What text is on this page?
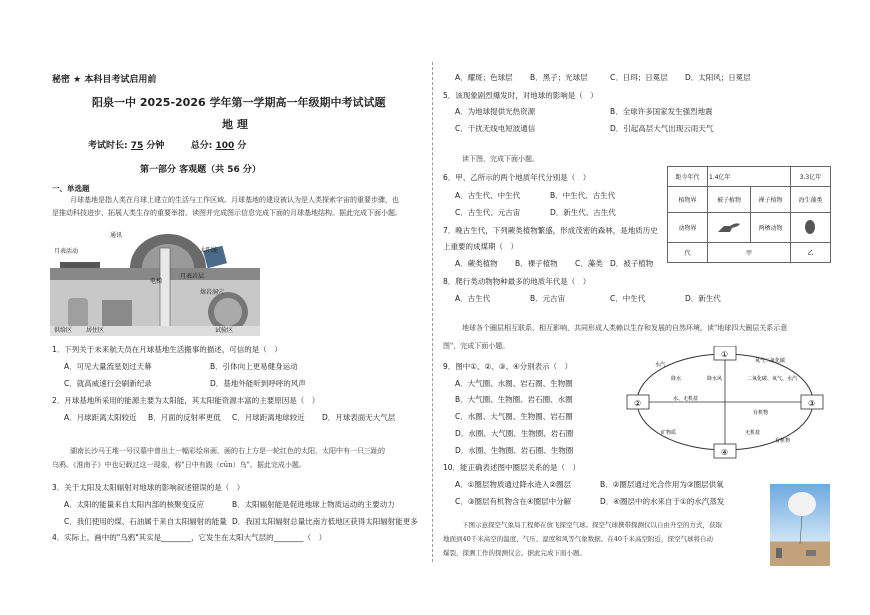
秘密 ★ 本科目考试启用前
阳泉一中 2025-2026 学年第一学期高一年级期中考试试题
地 理
考试时长: 75 分钟	总分: 100 分
第一部分 客观题（共 56 分）
一、单选题
月球基地是指人类在月球上建立的生活与工作区域。月球基地的建设被认为是人类探索宇宙的重要步骤，也
是推动科技进步、拓展人类生存的重要举措。读图并完成图示信息完成下面的月球基地结构。据此完成下面小题。
通讯
月表活动	太阳能
电梯
月表岩层
熔岩洞穴
供给区 居住区	试验区
1．下列关于未来航天员在月球基地生活搬事的描述，可信的是（　）
A．可见大量流星划过天幕	B．引体向上更易健身运动
C．就高威速行会刷新纪录	D．基地外能听到呼呼的风声
2．月球基地所采用的能源主要为太阳能，其太阳能资源丰富的主要原因是（　）
A．月球距离太阳较近 B．月面的反射率更低 C．月球距离地球较近 D．月球表面无大气层
湖南长沙马王堆一号汉墓中曾出土一幅彩绘帛画，画的右上方是一轮红色的太阳，太阳中有一只三趾的
乌鸦。《淮南子》中也记载过这一现象，称"日中有踆（cūn）乌"。据此完成小题。
3．关于太阳及太阳辐射对地球的影响叙述错误的是（　）
A．太阳的能量来自太阳内部的核聚变反应	B．太阳辐射能是促进地球上物质运动的主要动力
C．我们使用的煤、石油属于来自太阳辐射的能量 D．我国太阳辐射总量比南方低地区获得太阳辐射能更多
4．实际上，画中的"乌鸦"其实是________，它发生在太阳大气层的________（　）
A．耀斑；色球层 B．黑子；光球层	C．日珥；日冕层 D．太阳风；日冕层
5．该现象剧烈爆发时，对地球的影响是（　）
A．为地球提供光热资源	B．全球许多国家发生强烈地震
C．干扰无线电短波通信	D．引起高层大气出现云雨天气
读下图，完成下面小题。
6．甲、乙所示的两个地质年代分别是（　）
A．古生代、中生代	B．中生代、古生代
C．古生代、元古宙	D．新生代、古生代
7．晚古生代，下列蕨类植物繁盛，形成茂密的森林，是地质历史
上重要的成煤期（　）
A．蕨类植物 B．裸子植物 C．藻类 D．被子植物
8．爬行类动物物种最多的地质年代是（　）
A．古生代	B．元古宙	C．中生代	D．新生代
距今年代	1.4亿年		3.3亿年
植物界	被子植物	裸子植物	海生藻类
动物界		两栖动物	
代	甲		乙
地球各个圈层相互联系、相互影响，共同形成人类赖以生存和发展的自然环境。读"地球四大圈层关系示意
图"，完成下面小题。
9．图中①、②、③、④分别表示（　）
A．大气圈、水圈、岩石圈、生物圈
B．大气圈、生物圈、岩石圈、水圈
C．水圈、大气圈、生物圈、岩石圈
D．水圈、大气圈、生物圈、岩石圈
D．水圈、生物圈、岩石圈、生物圈
①
②	③
④
水汽
氧气二氧化碳
降水	降水风	二氧化碳、氧气、水汽
水、无机盐
有机物
矿物质	无机盐
有机物
10．能正确表述图中圈层关系的是（　）
A．①圈层物质通过降水进入②圈层	B．②圈层通过光合作用为③圈层供氧
C．③圈层有机物含在④圈层中分解	D．④圈层中的水来自于①的水汽蒸发
下图示意探空气象局工程师在放飞探空气球。探空气球携带探测仪以自由升空的方式，获取
地面到40千米高空的温度、气压、湿度和风等气象数据。在40千米高空附近，探空气球将自动
爆裂，探测工作的探测仪会。据此完成下面小题。
